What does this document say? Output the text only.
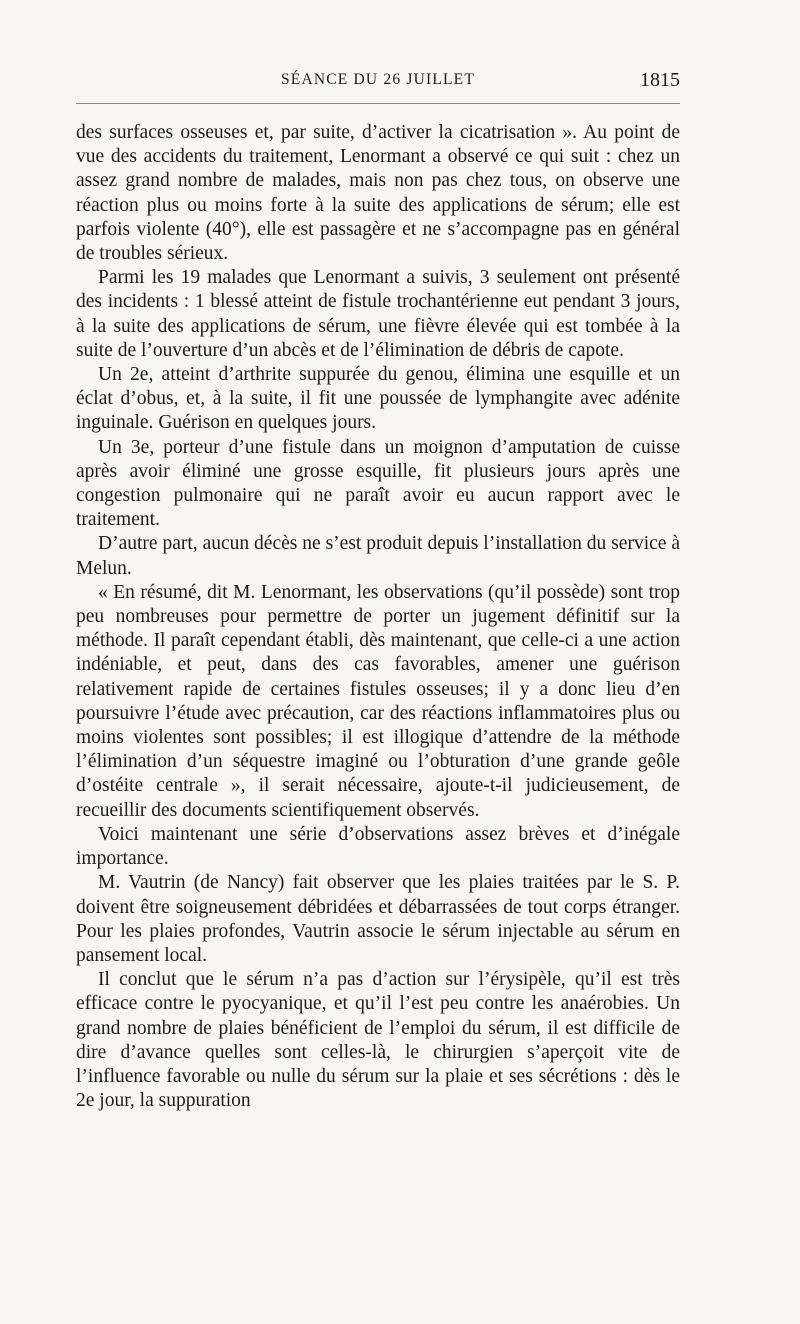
SÉANCE DU 26 JUILLET	1815

des surfaces osseuses et, par suite, d’activer la cicatrisation ». Au point de vue des accidents du traitement, Lenormant a observé ce qui suit : chez un assez grand nombre de malades, mais non pas chez tous, on observe une réaction plus ou moins forte à la suite des applications de sérum; elle est parfois violente (40°), elle est passagère et ne s’accompagne pas en général de troubles sérieux.

Parmi les 19 malades que Lenormant a suivis, 3 seulement ont présenté des incidents : 1 blessé atteint de fistule trochantérienne eut pendant 3 jours, à la suite des applications de sérum, une fièvre élevée qui est tombée à la suite de l’ouverture d’un abcès et de l’élimination de débris de capote.

Un 2e, atteint d’arthrite suppurée du genou, élimina une esquille et un éclat d’obus, et, à la suite, il fit une poussée de lymphangite avec adénite inguinale. Guérison en quelques jours.

Un 3e, porteur d’une fistule dans un moignon d’amputation de cuisse après avoir éliminé une grosse esquille, fit plusieurs jours après une congestion pulmonaire qui ne paraît avoir eu aucun rapport avec le traitement.

D’autre part, aucun décès ne s’est produit depuis l’installation du service à Melun.

« En résumé, dit M. Lenormant, les observations (qu’il possède) sont trop peu nombreuses pour permettre de porter un jugement définitif sur la méthode. Il paraît cependant établi, dès maintenant, que celle-ci a une action indéniable, et peut, dans des cas favorables, amener une guérison relativement rapide de certaines fistules osseuses; il y a donc lieu d’en poursuivre l’étude avec précaution, car des réactions inflammatoires plus ou moins violentes sont possibles; il est illogique d’attendre de la méthode l’élimination d’un séquestre imaginé ou l’obturation d’une grande geôle d’ostéite centrale », il serait nécessaire, ajoute-t-il judicieusement, de recueillir des documents scientifiquement observés.

Voici maintenant une série d’observations assez brèves et d’inégale importance.

M. Vautrin (de Nancy) fait observer que les plaies traitées par le S. P. doivent être soigneusement débridées et débarrassées de tout corps étranger. Pour les plaies profondes, Vautrin associe le sérum injectable au sérum en pansement local.

Il conclut que le sérum n’a pas d’action sur l’érysipèle, qu’il est très efficace contre le pyocyanique, et qu’il l’est peu contre les anaérobies. Un grand nombre de plaies bénéficient de l’emploi du sérum, il est difficile de dire d’avance quelles sont celles-là, le chirurgien s’aperçoit vite de l’influence favorable ou nulle du sérum sur la plaie et ses sécrétions : dès le 2e jour, la suppuration
